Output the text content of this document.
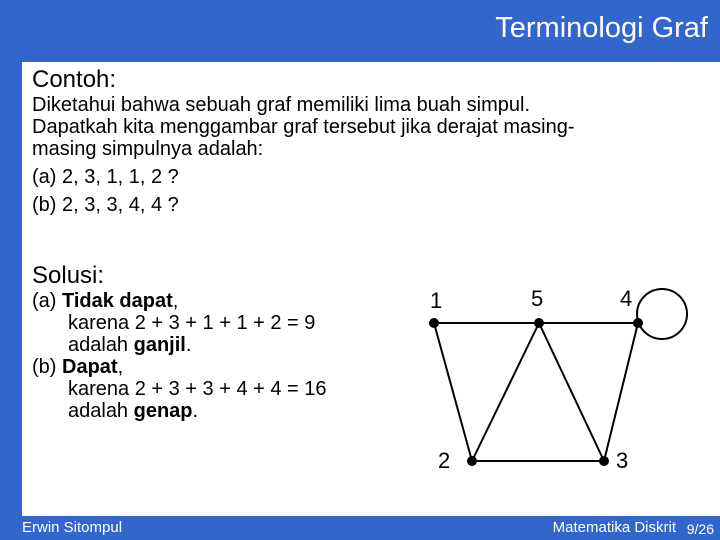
Terminologi Graf
Contoh:
Diketahui bahwa sebuah graf memiliki lima buah simpul.
Dapatkah kita menggambar graf tersebut jika derajat masing-
masing simpulnya adalah:
(a) 2, 3, 1, 1, 2 ?
(b) 2, 3, 3, 4, 4 ?
Solusi:
(a) Tidak dapat,
karena 2 + 3 + 1 + 1 + 2 = 9
adalah ganjil.
(b) Dapat,
karena 2 + 3 + 3 + 4 + 4 = 16
adalah genap.
1	5	4
2	3
Erwin Sitompul	Matematika Diskrit 9/26
